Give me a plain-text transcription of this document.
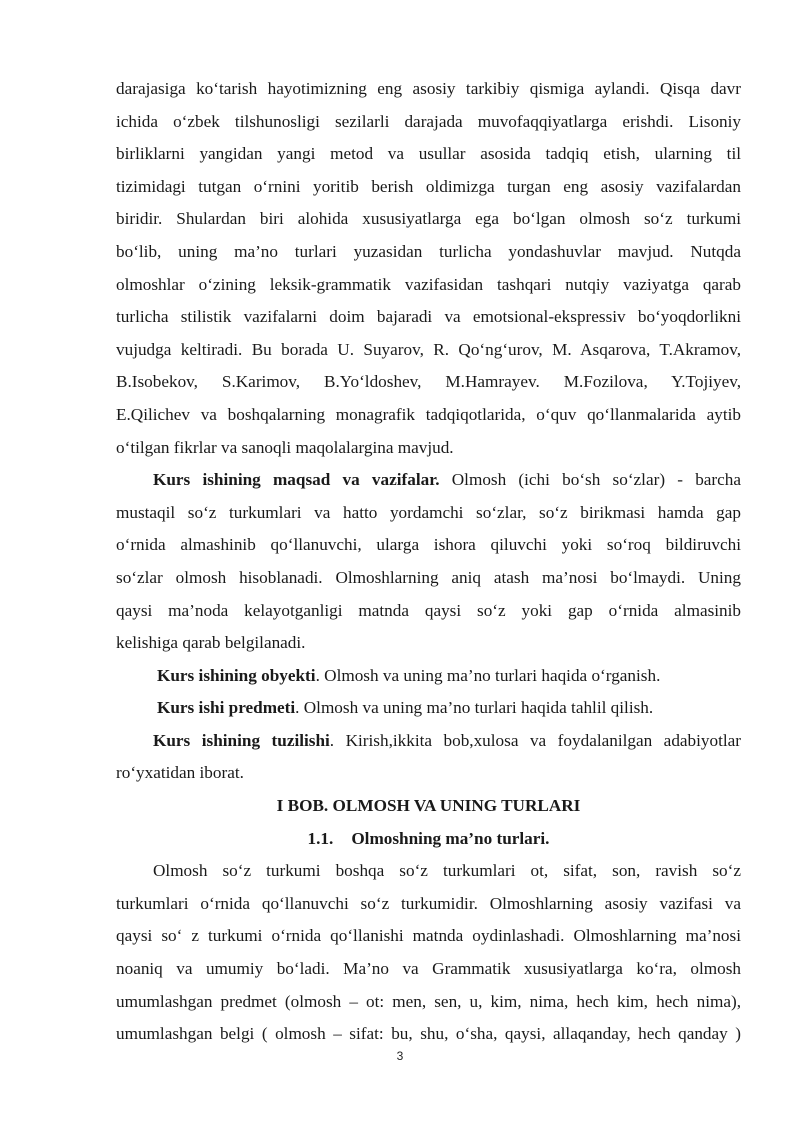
darajasiga ko‘tarish hayotimizning eng asosiy tarkibiy qismiga aylandi. Qisqa davr
ichida o‘zbek tilshunosligi sezilarli darajada muvofaqqiyatlarga erishdi. Lisoniy
birliklarni yangidan yangi metod va usullar asosida tadqiq etish, ularning til
tizimidagi tutgan o‘rnini yoritib berish oldimizga turgan eng asosiy vazifalardan
biridir. Shulardan biri alohida xususiyatlarga ega bo‘lgan olmosh so‘z turkumi
bo‘lib, uning ma’no turlari yuzasidan turlicha yondashuvlar mavjud. Nutqda
olmoshlar o‘zining leksik-grammatik vazifasidan tashqari nutqiy vaziyatga qarab
turlicha stilistik vazifalarni doim bajaradi va emotsional-ekspressiv bo‘yoqdorlikni
vujudga keltiradi. Bu borada U. Suyarov, R. Qo‘ng‘urov, M. Asqarova, T.Akramov,
B.Isobekov, S.Karimov, B.Yo‘ldoshev, M.Hamrayev. M.Fozilova, Y.Tojiyev,
E.Qilichev va boshqalarning monagrafik tadqiqotlarida, o‘quv qo‘llanmalarida aytib
o‘tilgan fikrlar va sanoqli maqolalargina mavjud.
Kurs ishining maqsad va vazifalar. Olmosh (ichi bo‘sh so‘zlar) - barcha
mustaqil so‘z turkumlari va hatto yordamchi so‘zlar, so‘z birikmasi hamda gap
o‘rnida almashinib qo‘llanuvchi, ularga ishora qiluvchi yoki so‘roq bildiruvchi
so‘zlar olmosh hisoblanadi. Olmoshlarning aniq atash ma’nosi bo‘lmaydi. Uning
qaysi ma’noda kelayotganligi matnda qaysi so‘z yoki gap o‘rnida almasinib
kelishiga qarab belgilanadi.
Kurs ishining obyekti. Olmosh va uning ma’no turlari haqida o‘rganish.
Kurs ishi predmeti. Olmosh va uning ma’no turlari haqida tahlil qilish.
Kurs ishining tuzilishi. Kirish,ikkita bob,xulosa va foydalanilgan adabiyotlar
ro‘yxatidan iborat.
I BOB. OLMOSH VA UNING TURLARI
1.1. Olmoshning ma’no turlari.
Olmosh so‘z turkumi boshqa so‘z turkumlari ot, sifat, son, ravish so‘z
turkumlari o‘rnida qo‘llanuvchi so‘z turkumidir. Olmoshlarning asosiy vazifasi va
qaysi so‘ z turkumi o‘rnida qo‘llanishi matnda oydinlashadi. Olmoshlarning ma’nosi
noaniq va umumiy bo‘ladi. Ma’no va Grammatik xususiyatlarga ko‘ra, olmosh
umumlashgan predmet (olmosh – ot: men, sen, u, kim, nima, hech kim, hech nima),
umumlashgan belgi ( olmosh – sifat: bu, shu, o‘sha, qaysi, allaqanday, hech qanday )
3
